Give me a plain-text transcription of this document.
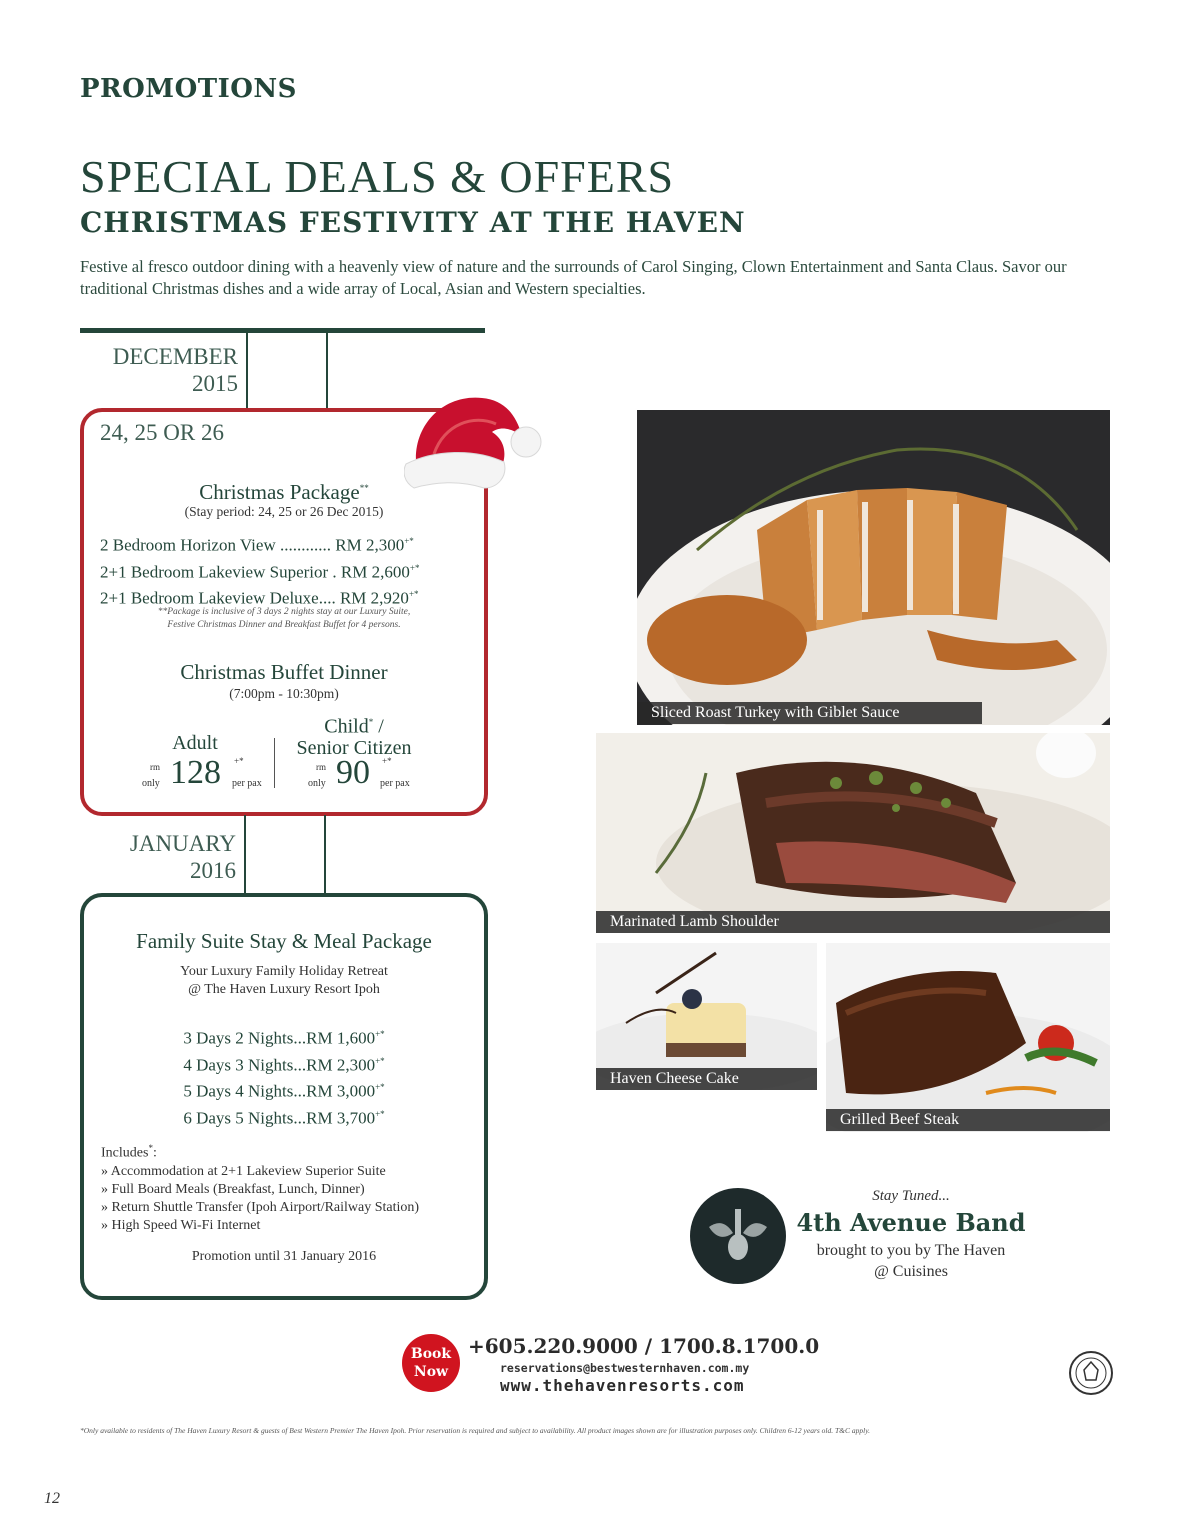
PROMOTIONS
SPECIAL DEALS & OFFERS
CHRISTMAS FESTIVITY AT THE HAVEN
Festive al fresco outdoor dining with a heavenly view of nature and the surrounds of Carol Singing, Clown Entertainment and Santa Claus. Savor our traditional Christmas dishes and a wide array of Local, Asian and Western specialties.
DECEMBER
2015
24, 25 OR 26
Christmas Package**
(Stay period: 24, 25 or 26 Dec 2015)
2 Bedroom Horizon View ............ RM 2,300+*
2+1 Bedroom Lakeview Superior . RM 2,600+*
2+1 Bedroom Lakeview Deluxe.... RM 2,920+*
**Package is inclusive of 3 days 2 nights stay at our Luxury Suite,
Festive Christmas Dinner and Breakfast Buffet for 4 persons.
Christmas Buffet Dinner
(7:00pm - 10:30pm)
Adult
rm
only 128 +*
per pax
Child* /
Senior Citizen
rm
only 90 +*
per pax
JANUARY
2016
Family Suite Stay & Meal Package
Your Luxury Family Holiday Retreat
@ The Haven Luxury Resort Ipoh
3 Days 2 Nights...RM 1,600+*
4 Days 3 Nights...RM 2,300+*
5 Days 4 Nights...RM 3,000+*
6 Days 5 Nights...RM 3,700+*
Includes*:
» Accommodation at 2+1 Lakeview Superior Suite
» Full Board Meals (Breakfast, Lunch, Dinner)
» Return Shuttle Transfer (Ipoh Airport/Railway Station)
» High Speed Wi-Fi Internet
Promotion until 31 January 2016
Sliced Roast Turkey with Giblet Sauce
Marinated Lamb Shoulder
Haven Cheese Cake
Grilled Beef Steak
Stay Tuned...
4th Avenue Band
brought to you by The Haven
@ Cuisines
Book
Now
+605.220.9000 / 1700.8.1700.0
reservations@bestwesternhaven.com.my
www.thehavenresorts.com
*Only available to residents of The Haven Luxury Resort & guests of Best Western Premier The Haven Ipoh. Prior reservation is required and subject to availability. All product images shown are for illustration purposes only. Children 6-12 years old. T&C apply.
12
